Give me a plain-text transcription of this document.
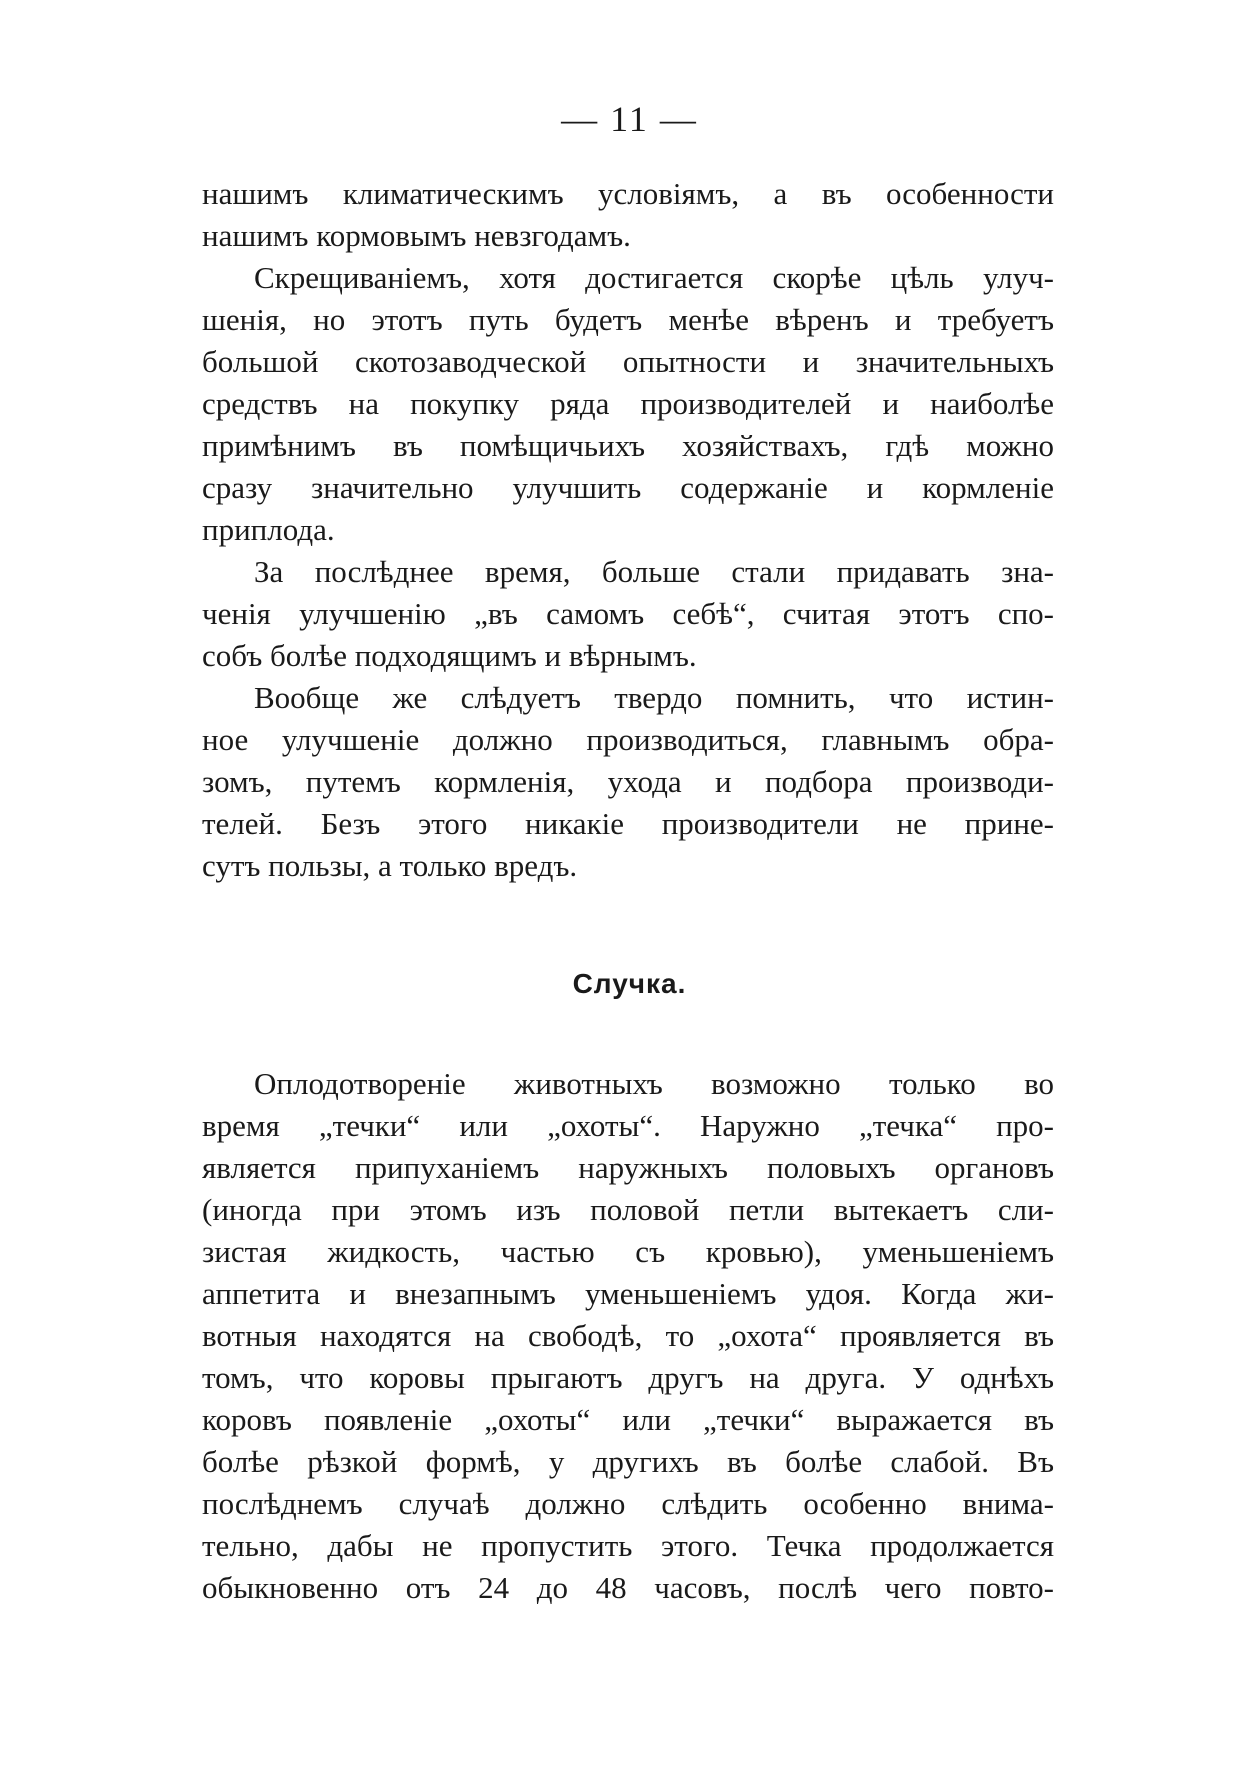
— 11 —
нашимъ климатическимъ условіямъ, а въ особенности
нашимъ кормовымъ невзгодамъ.
Скрещиваніемъ, хотя достигается скорѣе цѣль улуч-
шенія, но этотъ путь будетъ менѣе вѣренъ и требуетъ
большой скотозаводческой опытности и значительныхъ
средствъ на покупку ряда производителей и наиболѣе
примѣнимъ въ помѣщичьихъ хозяйствахъ, гдѣ можно
сразу значительно улучшить содержаніе и кормленіе
приплода.
За послѣднее время, больше стали придавать зна-
ченія улучшенію „въ самомъ себѣ“, считая этотъ спо-
собъ болѣе подходящимъ и вѣрнымъ.
Вообще же слѣдуетъ твердо помнить, что истин-
ное улучшеніе должно производиться, главнымъ обра-
зомъ, путемъ кормленія, ухода и подбора производи-
телей. Безъ этого никакіе производители не прине-
сутъ пользы, а только вредъ.
Случка.
Оплодотвореніе животныхъ возможно только во
время „течки“ или „охоты“. Наружно „течка“ про-
является припуханіемъ наружныхъ половыхъ органовъ
(иногда при этомъ изъ половой петли вытекаетъ сли-
зистая жидкость, частью съ кровью), уменьшеніемъ
аппетита и внезапнымъ уменьшеніемъ удоя. Когда жи-
вотныя находятся на свободѣ, то „охота“ проявляется въ
томъ, что коровы прыгаютъ другъ на друга. У однѣхъ
коровъ появленіе „охоты“ или „течки“ выражается въ
болѣе рѣзкой формѣ, у другихъ въ болѣе слабой. Въ
послѣднемъ случаѣ должно слѣдить особенно внима-
тельно, дабы не пропустить этого. Течка продолжается
обыкновенно отъ 24 до 48 часовъ, послѣ чего повто-
